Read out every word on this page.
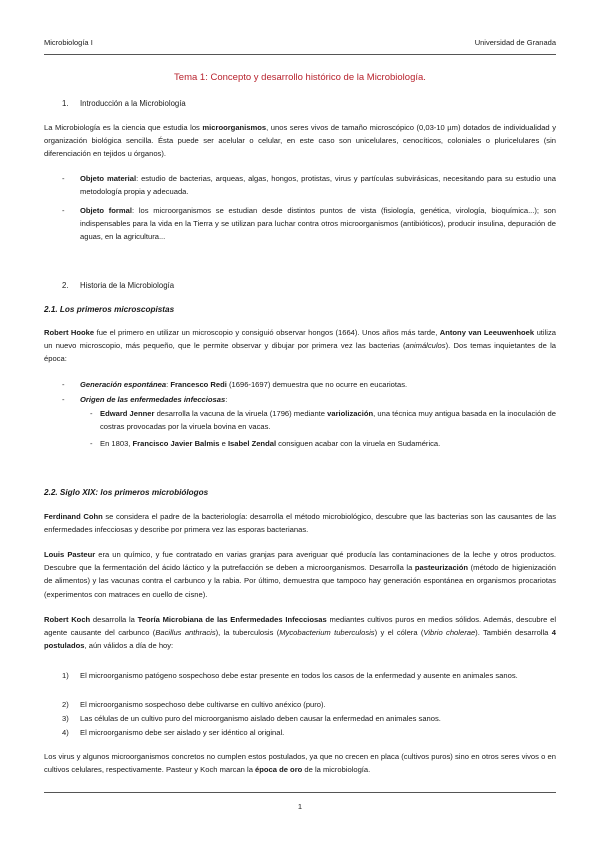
Microbiología I	Universidad de Granada
Tema 1: Concepto y desarrollo histórico de la Microbiología.
1. Introducción a la Microbiología
La Microbiología es la ciencia que estudia los microorganismos, unos seres vivos de tamaño microscópico (0,03-10 µm) dotados de individualidad y organización biológica sencilla. Ésta puede ser acelular o celular, en este caso son unicelulares, cenocíticos, coloniales o pluricelulares (sin diferenciación en tejidos u órganos).
- Objeto material: estudio de bacterias, arqueas, algas, hongos, protistas, virus y partículas subvirásicas, necesitando para su estudio una metodología propia y adecuada.
- Objeto formal: los microorganismos se estudian desde distintos puntos de vista (fisiología, genética, virología, bioquímica...); son indispensables para la vida en la Tierra y se utilizan para luchar contra otros microorganismos (antibióticos), producir insulina, depuración de aguas, en la agricultura...
2. Historia de la Microbiología
2.1. Los primeros microscopistas
Robert Hooke fue el primero en utilizar un microscopio y consiguió observar hongos (1664). Unos años más tarde, Antony van Leeuwenhoek utiliza un nuevo microscopio, más pequeño, que le permite observar y dibujar por primera vez las bacterias (animálculos). Dos temas inquietantes de la época:
- Generación espontánea: Francesco Redi (1696-1697) demuestra que no ocurre en eucariotas.
- Origen de las enfermedades infecciosas:
- Edward Jenner desarrolla la vacuna de la viruela (1796) mediante variolización, una técnica muy antigua basada en la inoculación de costras provocadas por la viruela bovina en vacas.
- En 1803, Francisco Javier Balmis e Isabel Zendal consiguen acabar con la viruela en Sudamérica.
2.2. Siglo XIX: los primeros microbiólogos
Ferdinand Cohn se considera el padre de la bacteriología: desarrolla el método microbiológico, descubre que las bacterias son las causantes de las enfermedades infecciosas y describe por primera vez las esporas bacterianas.
Louis Pasteur era un químico, y fue contratado en varias granjas para averiguar qué producía las contaminaciones de la leche y otros productos. Descubre que la fermentación del ácido láctico y la putrefacción se deben a microorganismos. Desarrolla la pasteurización (método de higienización de alimentos) y las vacunas contra el carbunco y la rabia. Por último, demuestra que tampoco hay generación espontánea en organismos procariotas (experimentos con matraces en cuello de cisne).
Robert Koch desarrolla la Teoría Microbiana de las Enfermedades Infecciosas mediantes cultivos puros en medios sólidos. Además, descubre el agente causante del carbunco (Bacillus anthracis), la tuberculosis (Mycobacterium tuberculosis) y el cólera (Vibrio cholerae). También desarrolla 4 postulados, aún válidos a día de hoy:
1) El microorganismo patógeno sospechoso debe estar presente en todos los casos de la enfermedad y ausente en animales sanos.
2) El microorganismo sospechoso debe cultivarse en cultivo anéxico (puro).
3) Las células de un cultivo puro del microorganismo aislado deben causar la enfermedad en animales sanos.
4) El microorganismo debe ser aislado y ser idéntico al original.
Los virus y algunos microorganismos concretos no cumplen estos postulados, ya que no crecen en placa (cultivos puros) sino en otros seres vivos o en cultivos celulares, respectivamente. Pasteur y Koch marcan la época de oro de la microbiología.
1
